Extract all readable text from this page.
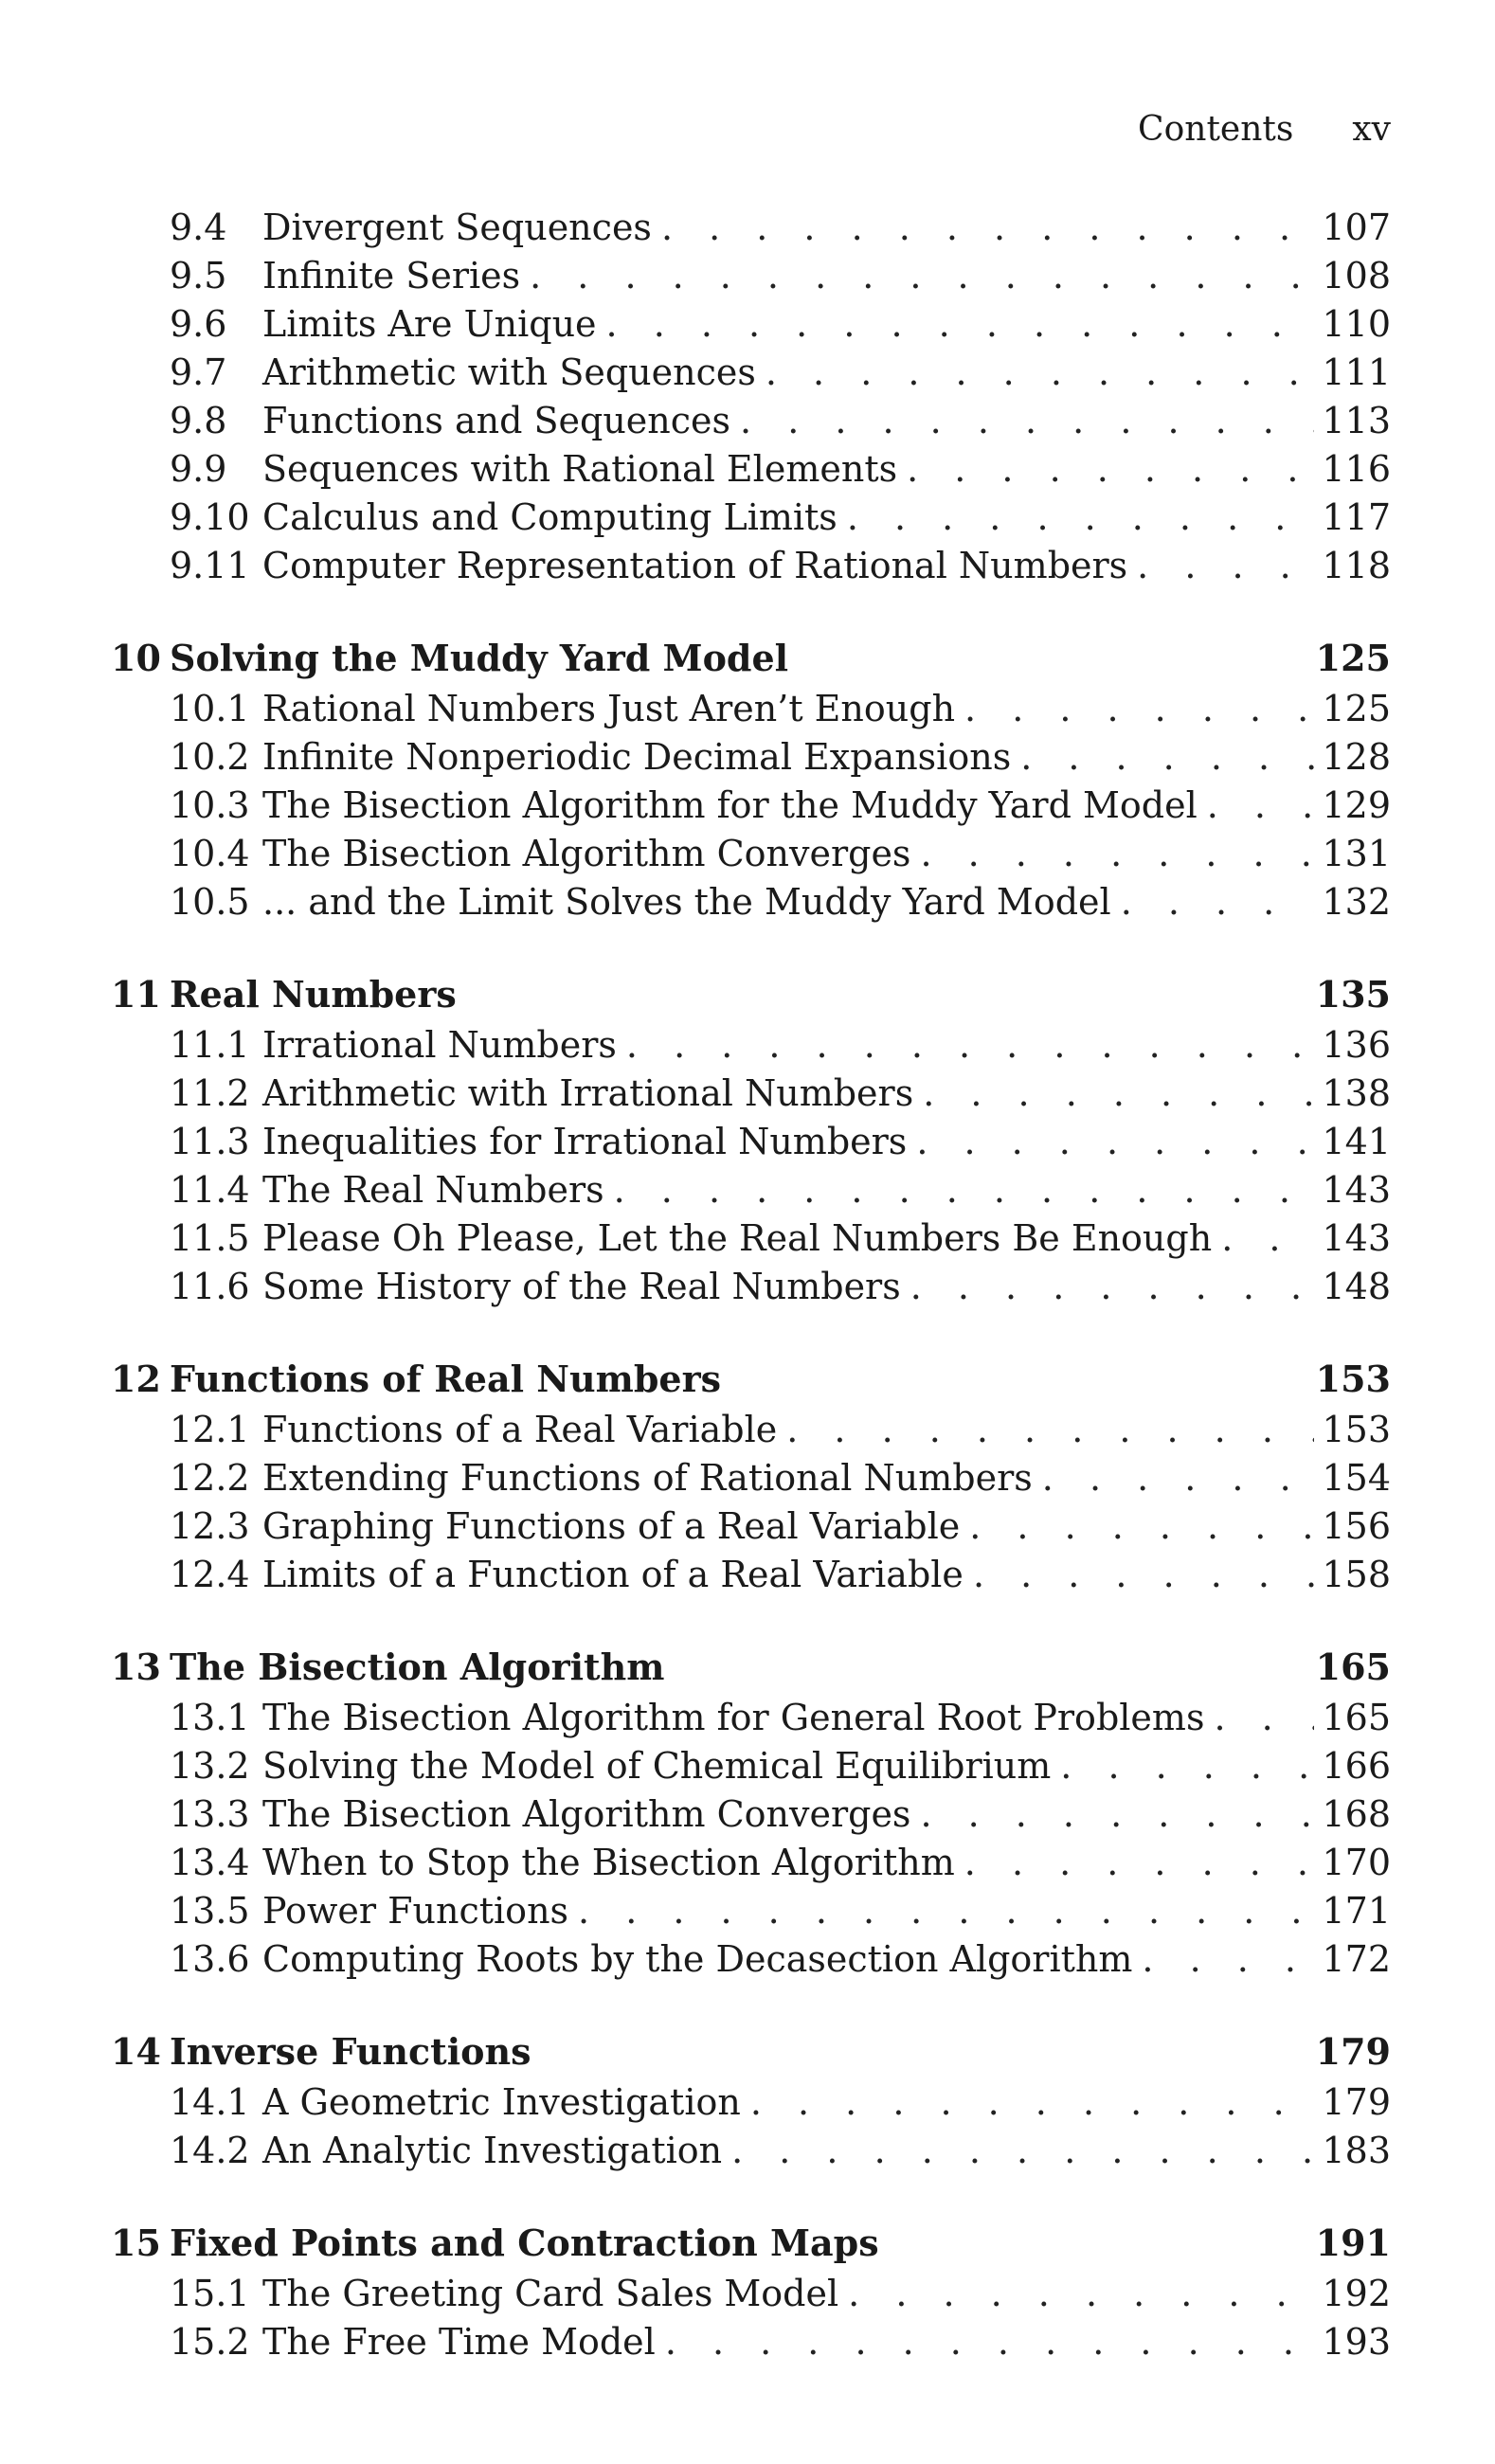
Contents xv
9.4 Divergent Sequences . . .	107
9.5 Infinite Series . . .	108
9.6 Limits Are Unique . . .	110
9.7 Arithmetic with Sequences . . .	111
9.8 Functions and Sequences . . .	113
9.9 Sequences with Rational Elements . . .	116
9.10 Calculus and Computing Limits . . .	117
9.11 Computer Representation of Rational Numbers . . .	118
10 Solving the Muddy Yard Model	125
10.1 Rational Numbers Just Aren’t Enough . . .	125
10.2 Infinite Nonperiodic Decimal Expansions . . .	128
10.3 The Bisection Algorithm for the Muddy Yard Model . . .	129
10.4 The Bisection Algorithm Converges . . .	131
10.5 ... and the Limit Solves the Muddy Yard Model . . .	132
11 Real Numbers	135
11.1 Irrational Numbers . . .	136
11.2 Arithmetic with Irrational Numbers . . .	138
11.3 Inequalities for Irrational Numbers . . .	141
11.4 The Real Numbers . . .	143
11.5 Please Oh Please, Let the Real Numbers Be Enough . . .	143
11.6 Some History of the Real Numbers . . .	148
12 Functions of Real Numbers	153
12.1 Functions of a Real Variable . . .	153
12.2 Extending Functions of Rational Numbers . . .	154
12.3 Graphing Functions of a Real Variable . . .	156
12.4 Limits of a Function of a Real Variable . . .	158
13 The Bisection Algorithm	165
13.1 The Bisection Algorithm for General Root Problems . . .	165
13.2 Solving the Model of Chemical Equilibrium . . .	166
13.3 The Bisection Algorithm Converges . . .	168
13.4 When to Stop the Bisection Algorithm . . .	170
13.5 Power Functions . . .	171
13.6 Computing Roots by the Decasection Algorithm . . .	172
14 Inverse Functions	179
14.1 A Geometric Investigation . . .	179
14.2 An Analytic Investigation . . .	183
15 Fixed Points and Contraction Maps	191
15.1 The Greeting Card Sales Model . . .	192
15.2 The Free Time Model . . .	193
